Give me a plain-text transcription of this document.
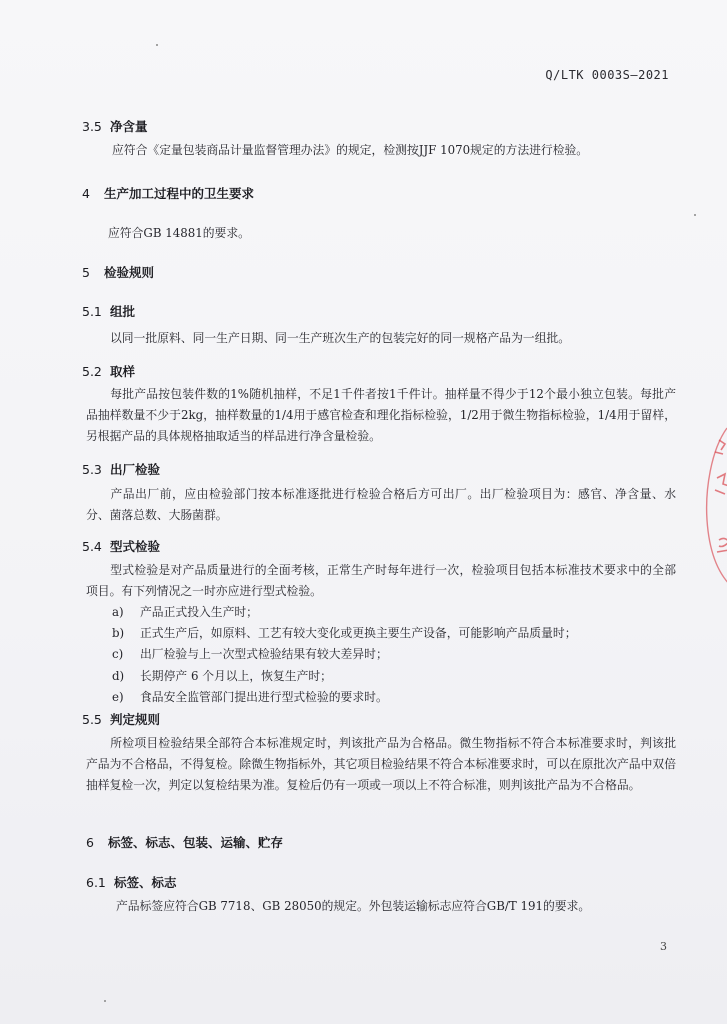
Q/LTK 0003S—2021
3.5 净含量
应符合《定量包装商品计量监督管理办法》的规定，检测按JJF 1070规定的方法进行检验。
4 生产加工过程中的卫生要求
应符合GB 14881的要求。
5 检验规则
5.1 组批
以同一批原料、同一生产日期、同一生产班次生产的包装完好的同一规格产品为一组批。
5.2 取样
每批产品按包装件数的1%随机抽样，不足1千件者按1千件计。抽样量不得少于12个最小独立包装。每批产品抽样数量不少于2kg，抽样数量的1/4用于感官检查和理化指标检验，1/2用于微生物指标检验，1/4用于留样，另根据产品的具体规格抽取适当的样品进行净含量检验。
5.3 出厂检验
产品出厂前，应由检验部门按本标准逐批进行检验合格后方可出厂。出厂检验项目为：感官、净含量、水分、菌落总数、大肠菌群。
5.4 型式检验
型式检验是对产品质量进行的全面考核，正常生产时每年进行一次，检验项目包括本标准技术要求中的全部项目。有下列情况之一时亦应进行型式检验。
a) 产品正式投入生产时；
b) 正式生产后，如原料、工艺有较大变化或更换主要生产设备，可能影响产品质量时；
c) 出厂检验与上一次型式检验结果有较大差异时；
d) 长期停产 6 个月以上，恢复生产时；
e) 食品安全监管部门提出进行型式检验的要求时。
5.5 判定规则
所检项目检验结果全部符合本标准规定时，判该批产品为合格品。微生物指标不符合本标准要求时，判该批产品为不合格品，不得复检。除微生物指标外，其它项目检验结果不符合本标准要求时，可以在原批次产品中双倍抽样复检一次，判定以复检结果为准。复检后仍有一项或一项以上不符合标准，则判该批产品为不合格品。
6 标签、标志、包装、运输、贮存
6.1 标签、标志
产品标签应符合GB 7718、GB 28050的规定。外包装运输标志应符合GB/T 191的要求。
3
